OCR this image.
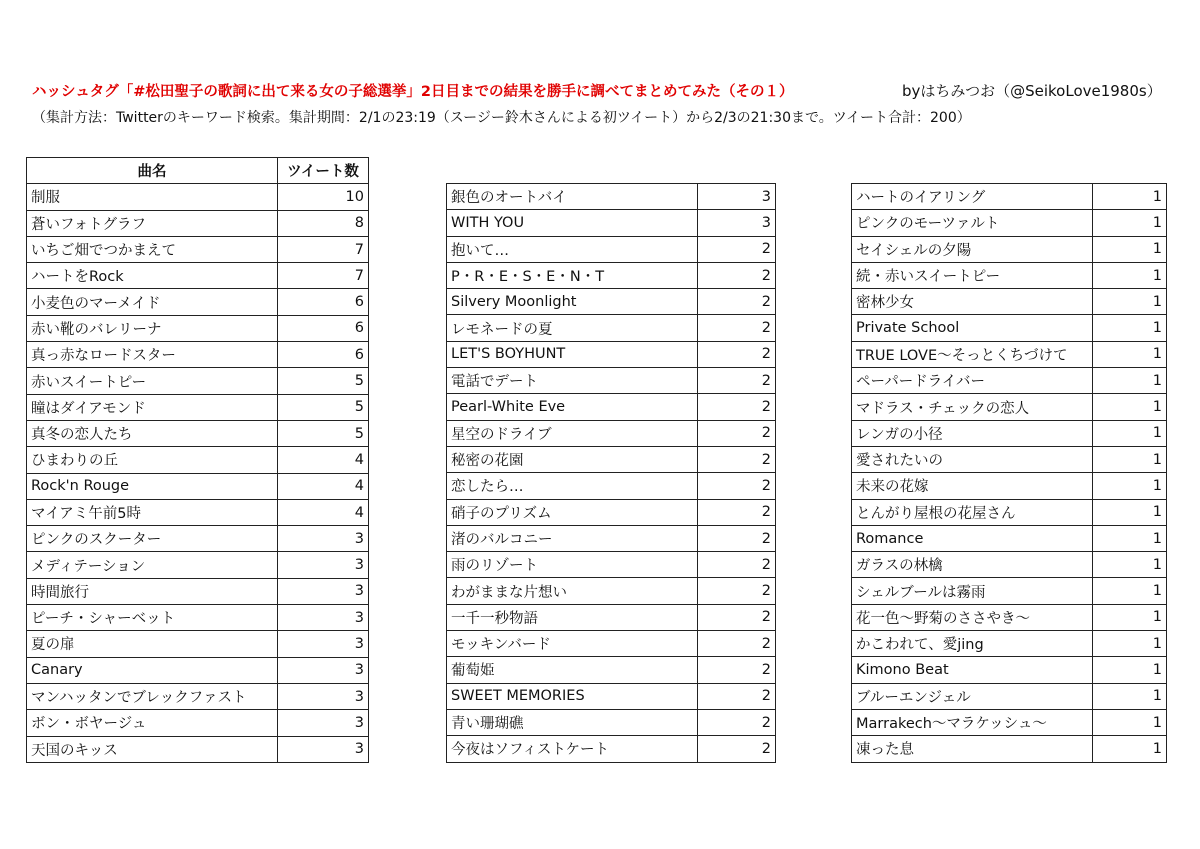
ハッシュタグ「#松田聖子の歌詞に出て来る女の子総選挙」2日目までの結果を勝手に調べてまとめてみた（その１）	byはちみつお（@SeikoLove1980s）
（集計方法：Twitterのキーワード検索。集計期間：2/1の23:19（スージー鈴木さんによる初ツイート）から2/3の21:30まで。ツイート合計：200）
曲名	ツイート数
制服	10
蒼いフォトグラフ	8
いちご畑でつかまえて	7
ハートをRock	7
小麦色のマーメイド	6
赤い靴のバレリーナ	6
真っ赤なロードスター	6
赤いスイートピー	5
瞳はダイアモンド	5
真冬の恋人たち	5
ひまわりの丘	4
Rock'n Rouge	4
マイアミ午前5時	4
ピンクのスクーター	3
メディテーション	3
時間旅行	3
ピーチ・シャーベット	3
夏の扉	3
Canary	3
マンハッタンでブレックファスト	3
ボン・ボヤージュ	3
天国のキッス	3
銀色のオートバイ	3
WITH YOU	3
抱いて…	2
P・R・E・S・E・N・T	2
Silvery Moonlight	2
レモネードの夏	2
LET'S BOYHUNT	2
電話でデート	2
Pearl-White Eve	2
星空のドライブ	2
秘密の花園	2
恋したら…	2
硝子のプリズム	2
渚のバルコニー	2
雨のリゾート	2
わがままな片想い	2
一千一秒物語	2
モッキンバード	2
葡萄姫	2
SWEET MEMORIES	2
青い珊瑚礁	2
今夜はソフィストケート	2
ハートのイアリング	1
ピンクのモーツァルト	1
セイシェルの夕陽	1
続・赤いスイートピー	1
密林少女	1
Private School	1
TRUE LOVE〜そっとくちづけて	1
ペーパードライバー	1
マドラス・チェックの恋人	1
レンガの小径	1
愛されたいの	1
未来の花嫁	1
とんがり屋根の花屋さん	1
Romance	1
ガラスの林檎	1
シェルブールは霧雨	1
花一色〜野菊のささやき〜	1
かこわれて、愛jing	1
Kimono Beat	1
ブルーエンジェル	1
Marrakech〜マラケッシュ〜	1
凍った息	1
